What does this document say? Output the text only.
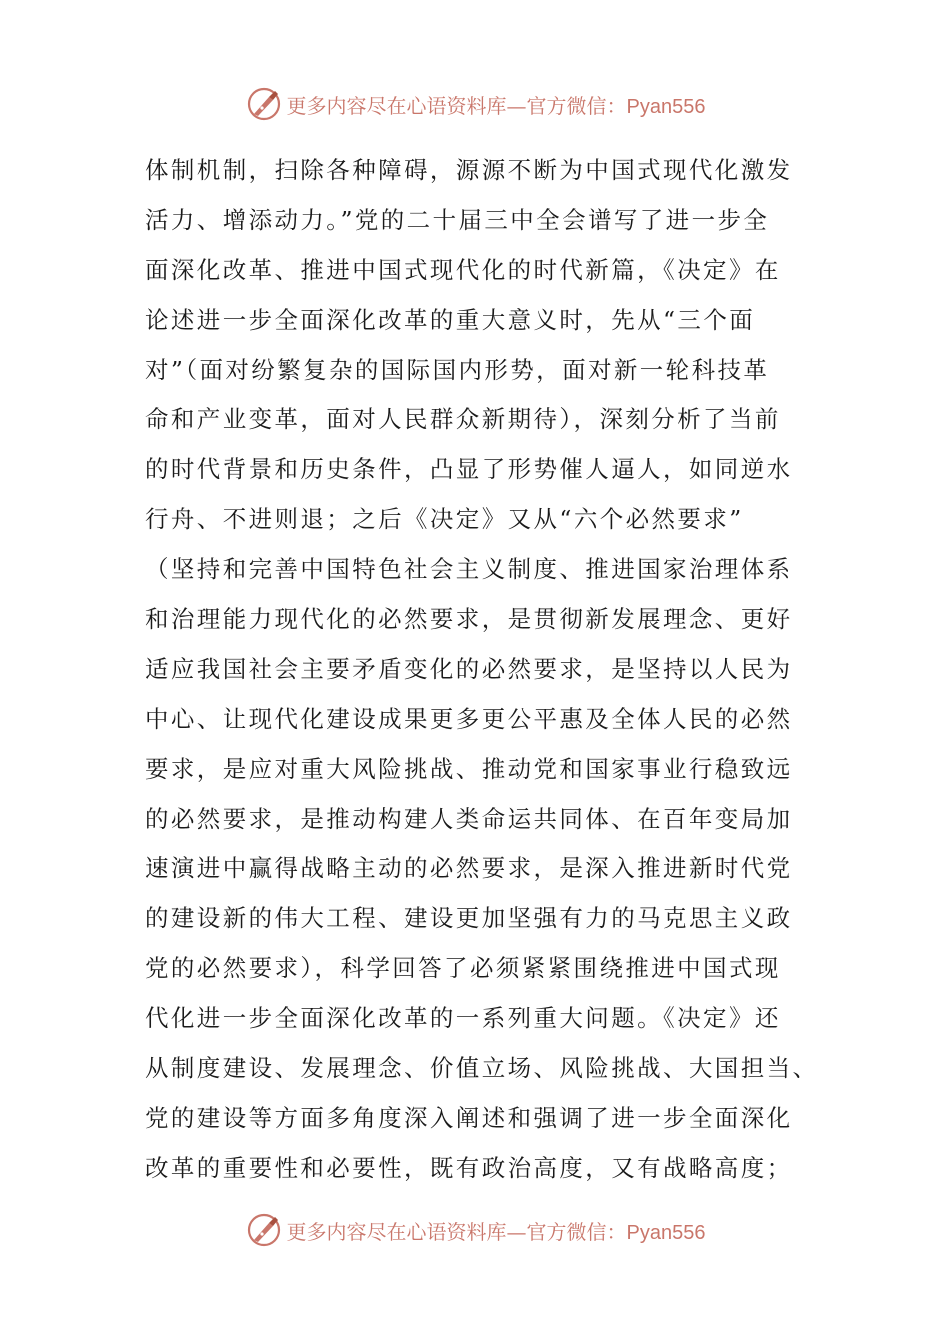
更多内容尽在心语资料库—官方微信：Pyan556
体制机制，扫除各种障碍，源源不断为中国式现代化激发
活力、增添动力。”党的二十届三中全会谱写了进一步全
面深化改革、推进中国式现代化的时代新篇，《决定》在
论述进一步全面深化改革的重大意义时，先从“三个面
对”（面对纷繁复杂的国际国内形势，面对新一轮科技革
命和产业变革，面对人民群众新期待），深刻分析了当前
的时代背景和历史条件，凸显了形势催人逼人，如同逆水
行舟、不进则退；之后《决定》又从“六个必然要求”
（坚持和完善中国特色社会主义制度、推进国家治理体系
和治理能力现代化的必然要求，是贯彻新发展理念、更好
适应我国社会主要矛盾变化的必然要求，是坚持以人民为
中心、让现代化建设成果更多更公平惠及全体人民的必然
要求，是应对重大风险挑战、推动党和国家事业行稳致远
的必然要求，是推动构建人类命运共同体、在百年变局加
速演进中赢得战略主动的必然要求，是深入推进新时代党
的建设新的伟大工程、建设更加坚强有力的马克思主义政
党的必然要求），科学回答了必须紧紧围绕推进中国式现
代化进一步全面深化改革的一系列重大问题。《决定》还
从制度建设、发展理念、价值立场、风险挑战、大国担当、
党的建设等方面多角度深入阐述和强调了进一步全面深化
改革的重要性和必要性，既有政治高度，又有战略高度；
更多内容尽在心语资料库—官方微信：Pyan556
